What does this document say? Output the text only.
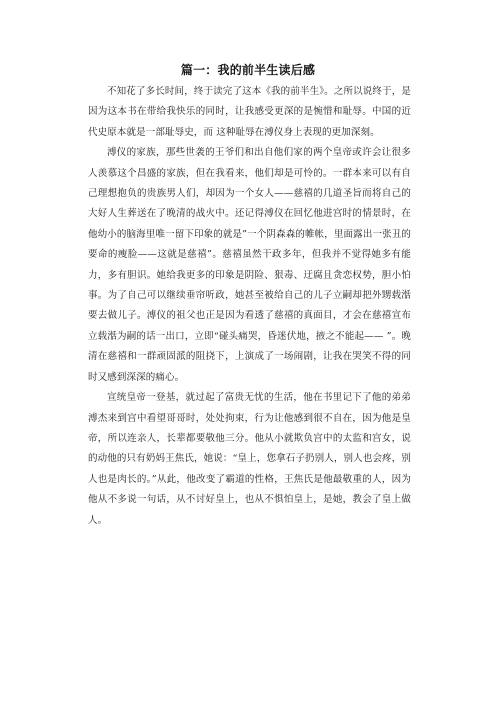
篇一：我的前半生读后感

不知花了多长时间，终于读完了这本《我的前半生》。之所以说终于，是因为这本书在带给我快乐的同时，让我感受更深的是惋惜和耻辱。中国的近代史原本就是一部耻辱史，而 这种耻辱在溥仪身上表现的更加深刻。

溥仪的家族，那些世袭的王爷们和出自他们家的两个皇帝或许会让很多人羡慕这个昌盛的家族，但在我看来，他们却是可怜的。一群本来可以有自己理想抱负的贵族男人们，却因为一个女人——慈禧的几道圣旨而将自己的大好人生葬送在了晚清的战火中。还记得溥仪在回忆他进宫时的情景时，在他幼小的脑海里唯一留下印象的就是”一个阴森森的帷帐，里面露出一张丑的要命的瘦脸——这就是慈禧”。慈禧虽然干政多年，但我并不觉得她多有能力，多有胆识。她给我更多的印象是阴险、狠毒、迂腐且贪恋权势，胆小怕事。为了自己可以继续垂帘听政，她甚至被给自己的儿子立嗣却把外甥载湉要去做儿子。溥仪的祖父也正是因为看透了慈禧的真面目，才会在慈禧宣布立载湉为嗣的话一出口，立即“碰头痛哭，昏迷伏地，掖之不能起—— ”。晚清在慈禧和一群顽固派的阻挠下，上演成了一场闹剧，让我在哭笑不得的同时又感到深深的痛心。

宣统皇帝一登基，就过起了富贵无忧的生活，他在书里记下了他的弟弟溥杰来到宫中看望哥哥时，处处拘束，行为让他感到很不自在，因为他是皇帝，所以连亲人，长辈都要敬他三分。他从小就欺负宫中的太监和宫女，说的动他的只有奶妈王焦氏，她说：“皇上，您拿石子扔别人，别人也会疼，别人也是肉长的。”从此，他改变了霸道的性格，王焦氏是他最敬重的人，因为他从不多说一句话，从不讨好皇上，也从不惧怕皇上，是她，教会了皇上做人。
